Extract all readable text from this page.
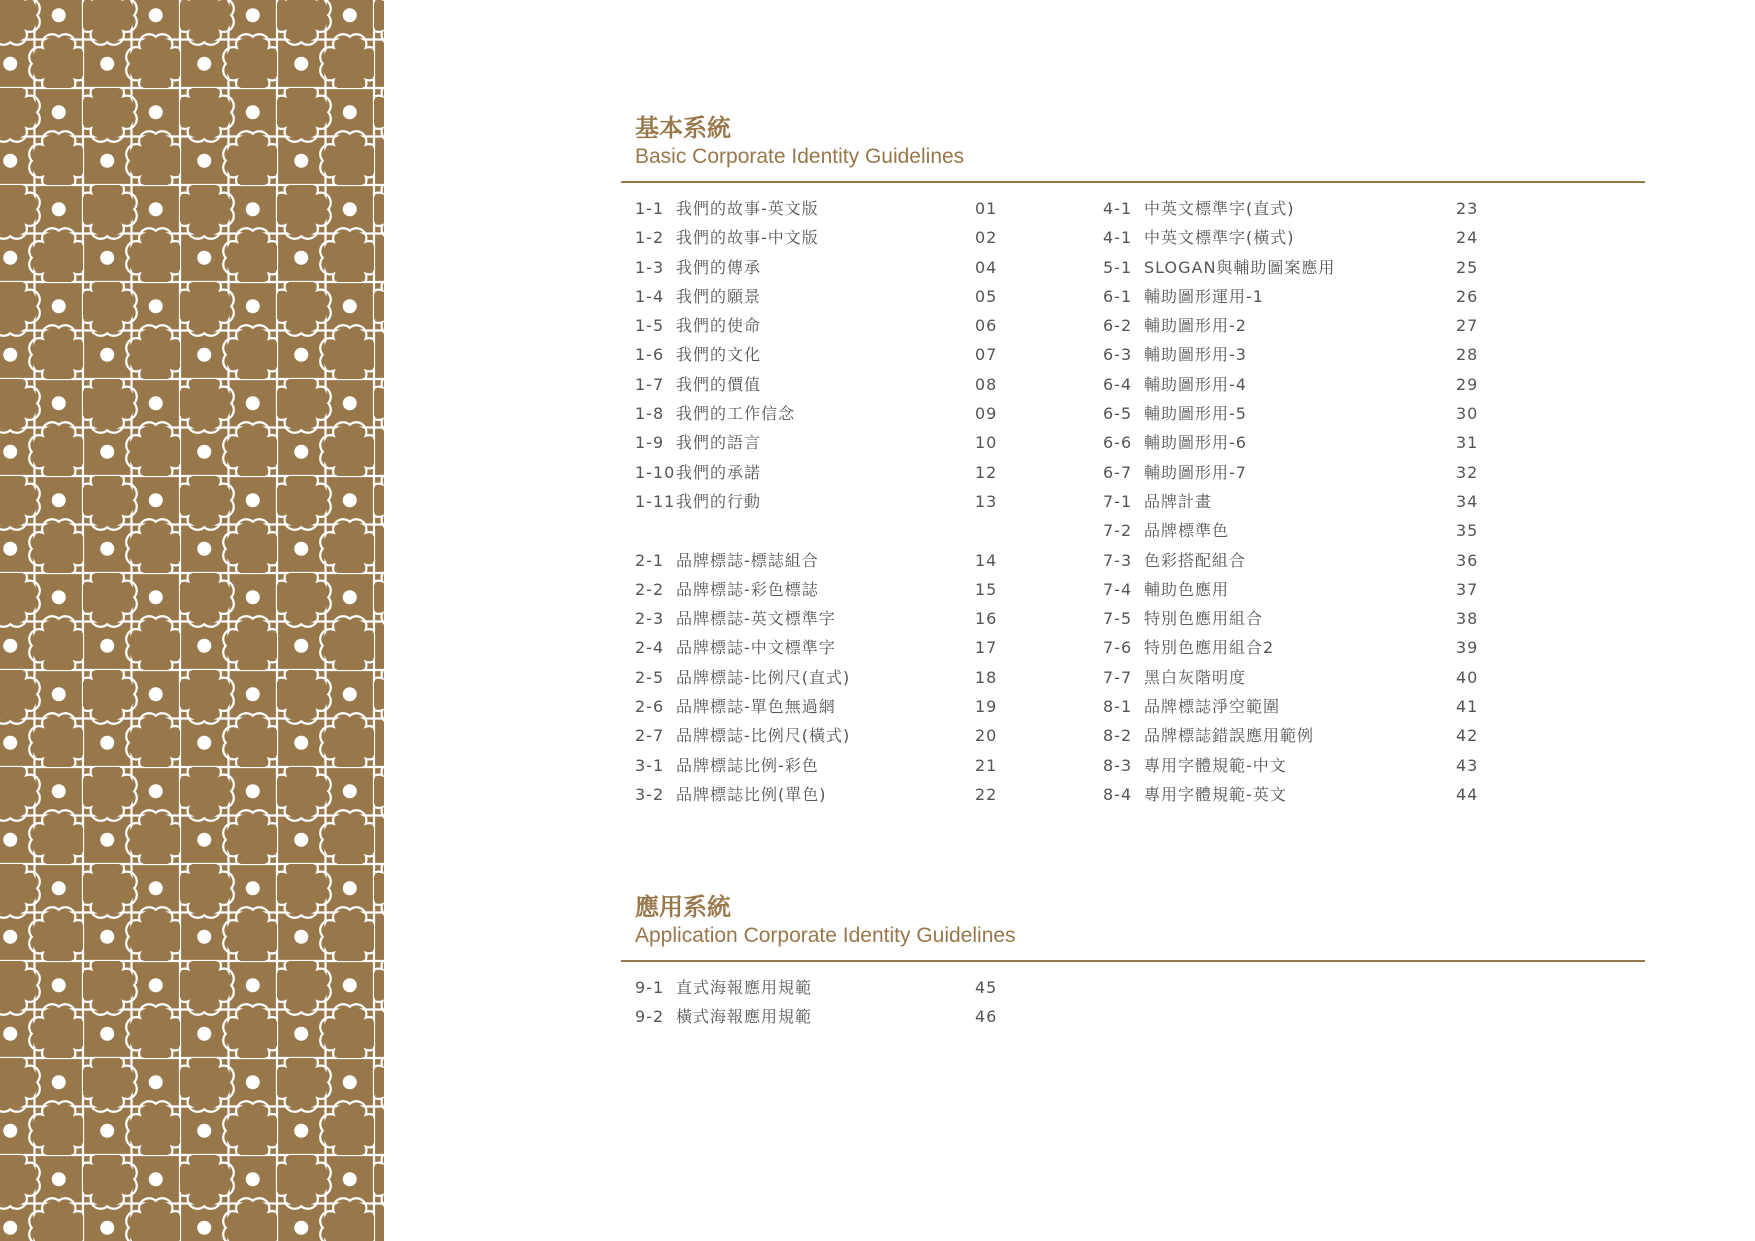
基本系統
Basic Corporate Identity Guidelines
1-1 我們的故事-英文版	01
1-2 我們的故事-中文版	02
1-3 我們的傳承	04
1-4 我們的願景	05
1-5 我們的使命	06
1-6 我們的文化	07
1-7 我們的價值	08
1-8 我們的工作信念	09
1-9 我們的語言	10
1-10 我們的承諾	12
1-11 我們的行動	13
2-1 品牌標誌-標誌組合	14
2-2 品牌標誌-彩色標誌	15
2-3 品牌標誌-英文標準字	16
2-4 品牌標誌-中文標準字	17
2-5 品牌標誌-比例尺(直式)	18
2-6 品牌標誌-單色無過網	19
2-7 品牌標誌-比例尺(橫式)	20
3-1 品牌標誌比例-彩色	21
3-2 品牌標誌比例(單色)	22
4-1 中英文標準字(直式)	23
4-1 中英文標準字(橫式)	24
5-1 SLOGAN與輔助圖案應用	25
6-1 輔助圖形運用-1	26
6-2 輔助圖形用-2	27
6-3 輔助圖形用-3	28
6-4 輔助圖形用-4	29
6-5 輔助圖形用-5	30
6-6 輔助圖形用-6	31
6-7 輔助圖形用-7	32
7-1 品牌計畫	34
7-2 品牌標準色	35
7-3 色彩搭配組合	36
7-4 輔助色應用	37
7-5 特別色應用組合	38
7-6 特別色應用組合2	39
7-7 黑白灰階明度	40
8-1 品牌標誌淨空範圍	41
8-2 品牌標誌錯誤應用範例	42
8-3 專用字體規範-中文	43
8-4 專用字體規範-英文	44
應用系統
Application Corporate Identity Guidelines
9-1 直式海報應用規範	45
9-2 橫式海報應用規範	46
